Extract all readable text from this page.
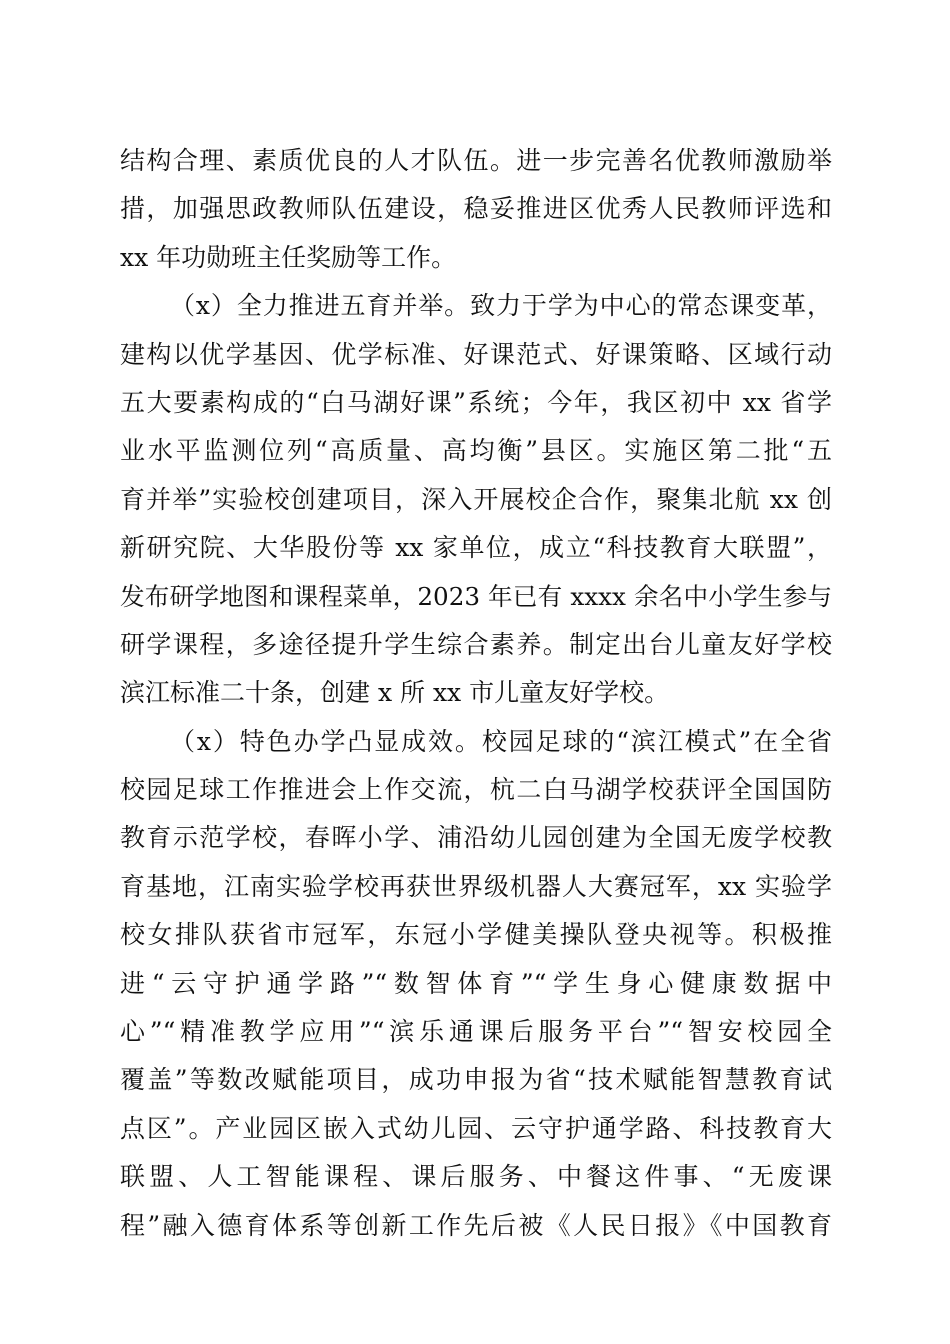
结构合理、素质优良的人才队伍。进一步完善名优教师激励举
措，加强思政教师队伍建设，稳妥推进区优秀人民教师评选和
xx 年功勋班主任奖励等工作。
（x）全力推进五育并举。致力于学为中心的常态课变革，
建构以优学基因、优学标准、好课范式、好课策略、区域行动
五大要素构成的“白马湖好课”系统；今年，我区初中 xx 省学
业水平监测位列“高质量、高均衡”县区。实施区第二批“五
育并举”实验校创建项目，深入开展校企合作，聚集北航 xx 创
新研究院、大华股份等 xx 家单位，成立“科技教育大联盟”，
发布研学地图和课程菜单，2023 年已有 xxxx 余名中小学生参与
研学课程，多途径提升学生综合素养。制定出台儿童友好学校
滨江标准二十条，创建 x 所 xx 市儿童友好学校。
（x）特色办学凸显成效。校园足球的“滨江模式”在全省
校园足球工作推进会上作交流，杭二白马湖学校获评全国国防
教育示范学校，春晖小学、浦沿幼儿园创建为全国无废学校教
育基地，江南实验学校再获世界级机器人大赛冠军，xx 实验学
校女排队获省市冠军，东冠小学健美操队登央视等。积极推
进“云守护通学路”“数智体育”“学生身心健康数据中
心”“精准教学应用”“滨乐通课后服务平台”“智安校园全
覆盖”等数改赋能项目，成功申报为省“技术赋能智慧教育试
点区”。产业园区嵌入式幼儿园、云守护通学路、科技教育大
联盟、人工智能课程、课后服务、中餐这件事、“无废课
程”融入德育体系等创新工作先后被《人民日报》《中国教育
